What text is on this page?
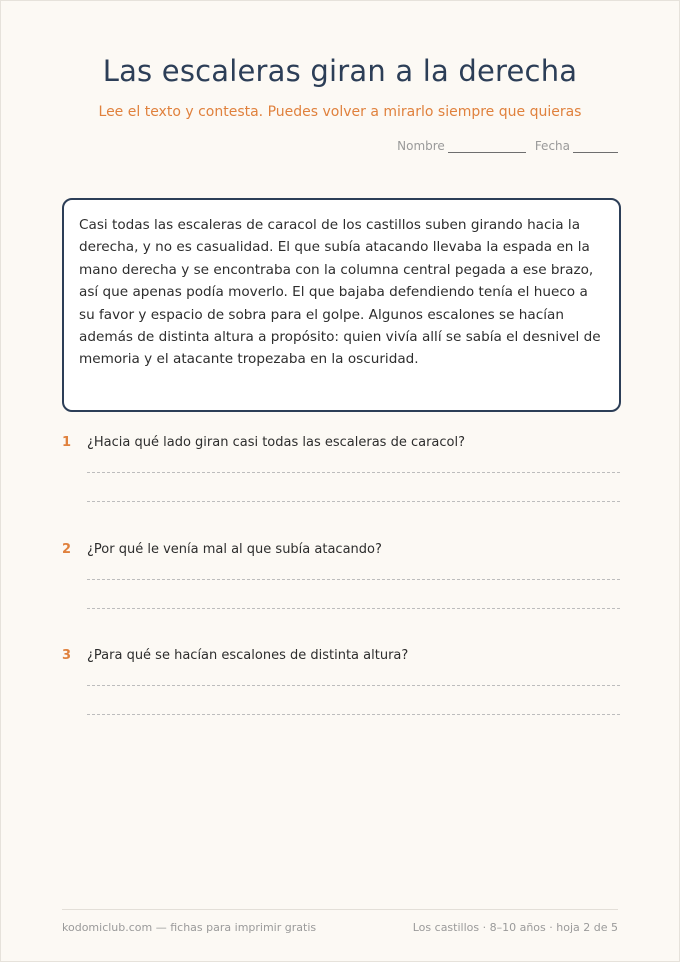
Las escaleras giran a la derecha
Lee el texto y contesta. Puedes volver a mirarlo siempre que quieras
Nombre	Fecha
Casi todas las escaleras de caracol de los castillos suben girando hacia la derecha, y no es casualidad. El que subía atacando llevaba la espada en la mano derecha y se encontraba con la columna central pegada a ese brazo, así que apenas podía moverlo. El que bajaba defendiendo tenía el hueco a su favor y espacio de sobra para el golpe. Algunos escalones se hacían además de distinta altura a propósito: quien vivía allí se sabía el desnivel de memoria y el atacante tropezaba en la oscuridad.
1 ¿Hacia qué lado giran casi todas las escaleras de caracol?
2 ¿Por qué le venía mal al que subía atacando?
3 ¿Para qué se hacían escalones de distinta altura?
kodomiclub.com — fichas para imprimir gratis	Los castillos · 8–10 años · hoja 2 de 5
